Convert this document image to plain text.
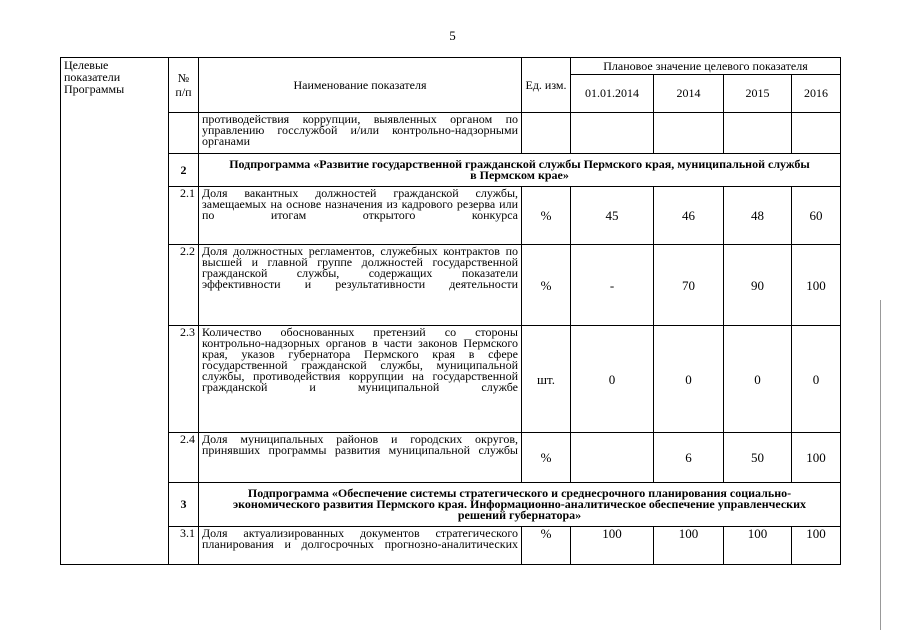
5
Целевые показатели Программы	№ п/п	Наименование показателя	Ед. изм.	Плановое значение целевого показателя			
				01.01.2014	2014	2015	2016
		противодействия коррупции, выявленных органом по управлению госслужбой и/или контрольно-надзорными органами					
	2	Подпрограмма «Развитие государственной гражданской службы Пермского края, муниципальной службы в Пермском крае»					
	2.1	Доля вакантных должностей гражданской службы, замещаемых на основе назначения из кадрового резерва или по итогам открытого конкурса	%	45	46	48	60
	2.2	Доля должностных регламентов, служебных контрактов по высшей и главной группе должностей государственной гражданской службы, содержащих показатели эффективности и результативности деятельности	%	-	70	90	100
	2.3	Количество обоснованных претензий со стороны контрольно-надзорных органов в части законов Пермского края, указов губернатора Пермского края в сфере государственной гражданской службы, муниципальной службы, противодействия коррупции на государственной гражданской и муниципальной службе	шт.	0	0	0	0
	2.4	Доля муниципальных районов и городских округов, принявших программы развития муниципальной службы	%		6	50	100
	3	Подпрограмма «Обеспечение системы стратегического и среднесрочного планирования социально-экономического развития Пермского края. Информационно-аналитическое обеспечение управленческих решений губернатора»					
	3.1	Доля актуализированных документов стратегического планирования и долгосрочных прогнозно-аналитических	%	100	100	100	100
